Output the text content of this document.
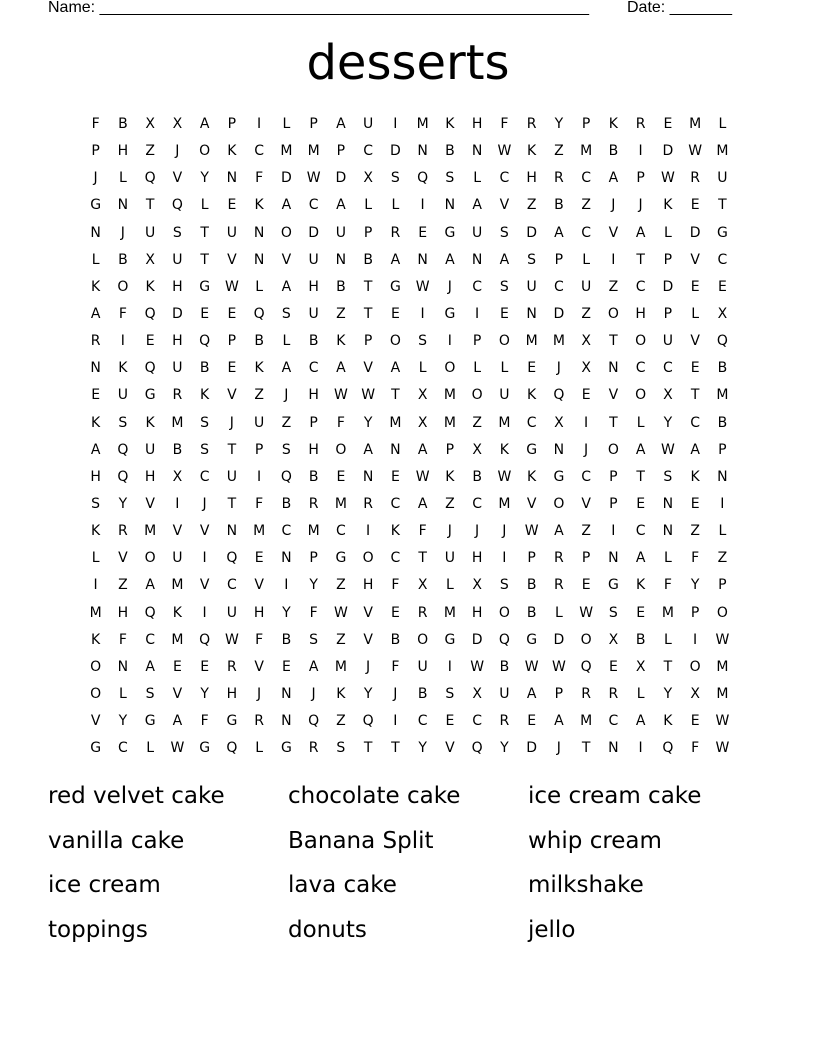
Name: _______________________________________________________ Date: _______
desserts
F	B	X	X	A	P	I	L	P	A	U	I	M	K	H	F	R	Y	P	K	R	E	M	L
P	H	Z	J	O	K	C	M	M	P	C	D	N	B	N	W	K	Z	M	B	I	D	W	M
J	L	Q	V	Y	N	F	D	W	D	X	S	Q	S	L	C	H	R	C	A	P	W	R	U
G	N	T	Q	L	E	K	A	C	A	L	L	I	N	A	V	Z	B	Z	J	J	K	E	T
N	J	U	S	T	U	N	O	D	U	P	R	E	G	U	S	D	A	C	V	A	L	D	G
L	B	X	U	T	V	N	V	U	N	B	A	N	A	N	A	S	P	L	I	T	P	V	C
K	O	K	H	G	W	L	A	H	B	T	G	W	J	C	S	U	C	U	Z	C	D	E	E
A	F	Q	D	E	E	Q	S	U	Z	T	E	I	G	I	E	N	D	Z	O	H	P	L	X
R	I	E	H	Q	P	B	L	B	K	P	O	S	I	P	O	M	M	X	T	O	U	V	Q
N	K	Q	U	B	E	K	A	C	A	V	A	L	O	L	L	E	J	X	N	C	C	E	B
E	U	G	R	K	V	Z	J	H	W W	T	X	M	O	U	K	Q	E	V	O	X	T	M
K	S	K	M	S	J	U	Z	P	F	Y	M	X	M	Z	M	C	X	I	T	L	Y	C	B
A	Q	U	B	S	T	P	S	H	O	A	N	A	P	X	K	G	N	J	O	A	W	A	P
H	Q	H	X	C	U	I	Q	B	E	N	E	W	K	B	W	K	G	C	P	T	S	K	N
S	Y	V	I	J	T	F	B	R	M	R	C	A	Z	C	M	V	O	V	P	E	N	E	I
K	R	M	V	V	N	M	C	M	C	I	K	F	J	J	J	W	A	Z	I	C	N	Z	L
L	V	O	U	I	Q	E	N	P	G	O	C	T	U	H	I	P	R	P	N	A	L	F	Z
I	Z	A	M	V	C	V	I	Y	Z	H	F	X	L	X	S	B	R	E	G	K	F	Y	P
M	H	Q	K	I	U	H	Y	F	W	V	E	R	M	H	O	B	L	W	S	E	M	P	O
K	F	C	M	Q	W	F	B	S	Z	V	B	O	G	D	Q	G	D	O	X	B	L	I	W
O	N	A	E	E	R	V	E	A	M	J	F	U	I	W	B	W W	Q	E	X	T	O	M
O	L	S	V	Y	H	J	N	J	K	Y	J	B	S	X	U	A	P	R	R	L	Y	X	M
V	Y	G	A	F	G	R	N	Q	Z	Q	I	C	E	C	R	E	A	M	C	A	K	E	W
G	C	L	W	G	Q	L	G	R	S	T	T	Y	V	Q	Y	D	J	T	N	I	Q	F	W
red velvet cake	chocolate cake	ice cream cake
vanilla cake	Banana Split	whip cream
ice cream	lava cake	milkshake
toppings	donuts	jello
